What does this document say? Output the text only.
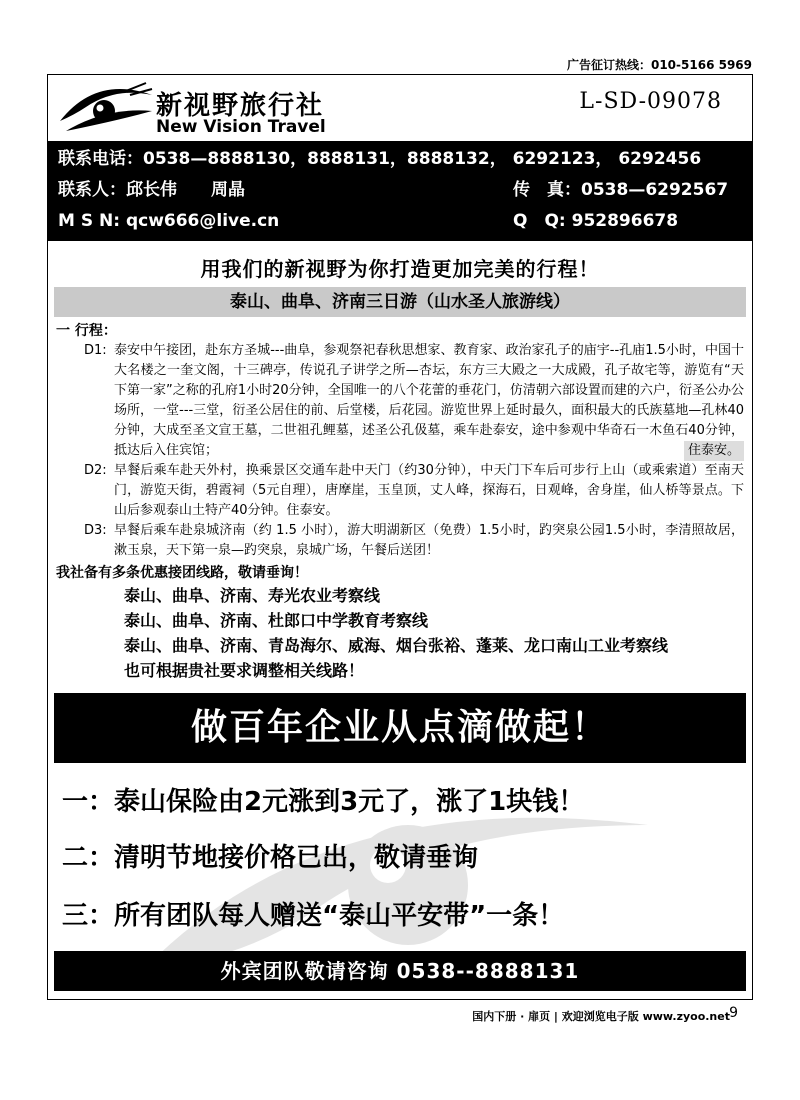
广告征订热线：010-5166 5969
新视野旅行社
New Vision Travel
L-SD-09078
联系电话：0538—8888130，8888131，8888132， 6292123， 6292456
联系人：邱长伟　　周晶	传　真：0538—6292567
M S N: qcw666@live.cn	Q　Q: 952896678
用我们的新视野为你打造更加完美的行程！
泰山、曲阜、济南三日游（山水圣人旅游线）
一 行程：
D1: 泰安中午接团，赴东方圣城---曲阜，参观祭祀春秋思想家、教育家、政治家孔子的庙宇--孔庙1.5小时，中国十大名楼之一奎文阁，十三碑亭，传说孔子讲学之所—杏坛，东方三大殿之一大成殿，孔子故宅等，游览有“天下第一家”之称的孔府1小时20分钟，全国唯一的八个花蕾的垂花门，仿清朝六部设置而建的六户，衍圣公办公场所，一堂---三堂，衍圣公居住的前、后堂楼，后花园。游览世界上延时最久，面积最大的氏族墓地—孔林40分钟，大成至圣文宣王墓，二世祖孔鲤墓，述圣公孔伋墓，乘车赴泰安，途中参观中华奇石一木鱼石40分钟，抵达后入住宾馆；	住泰安。
D2: 早餐后乘车赴天外村，换乘景区交通车赴中天门（约30分钟），中天门下车后可步行上山（或乘索道）至南天门，游览天街，碧霞祠（5元自理），唐摩崖，玉皇顶，丈人峰，探海石，日观峰，舍身崖，仙人桥等景点。下山后参观泰山土特产40分钟。住泰安。
D3: 早餐后乘车赴泉城济南（约 1.5 小时），游大明湖新区（免费）1.5小时，趵突泉公园1.5小时，李清照故居，漱玉泉，天下第一泉—趵突泉，泉城广场，午餐后送团！
我社备有多条优惠接团线路，敬请垂询！
泰山、曲阜、济南、寿光农业考察线
泰山、曲阜、济南、杜郎口中学教育考察线
泰山、曲阜、济南、青岛海尔、威海、烟台张裕、蓬莱、龙口南山工业考察线
也可根据贵社要求调整相关线路！
做百年企业从点滴做起！
一：泰山保险由2元涨到3元了，涨了1块钱！
二：清明节地接价格已出，敬请垂询
三：所有团队每人赠送“泰山平安带”一条！
外宾团队敬请咨询 0538--8888131
国内下册 · 扉页 | 欢迎浏览电子版 www.zyoo.net 9
